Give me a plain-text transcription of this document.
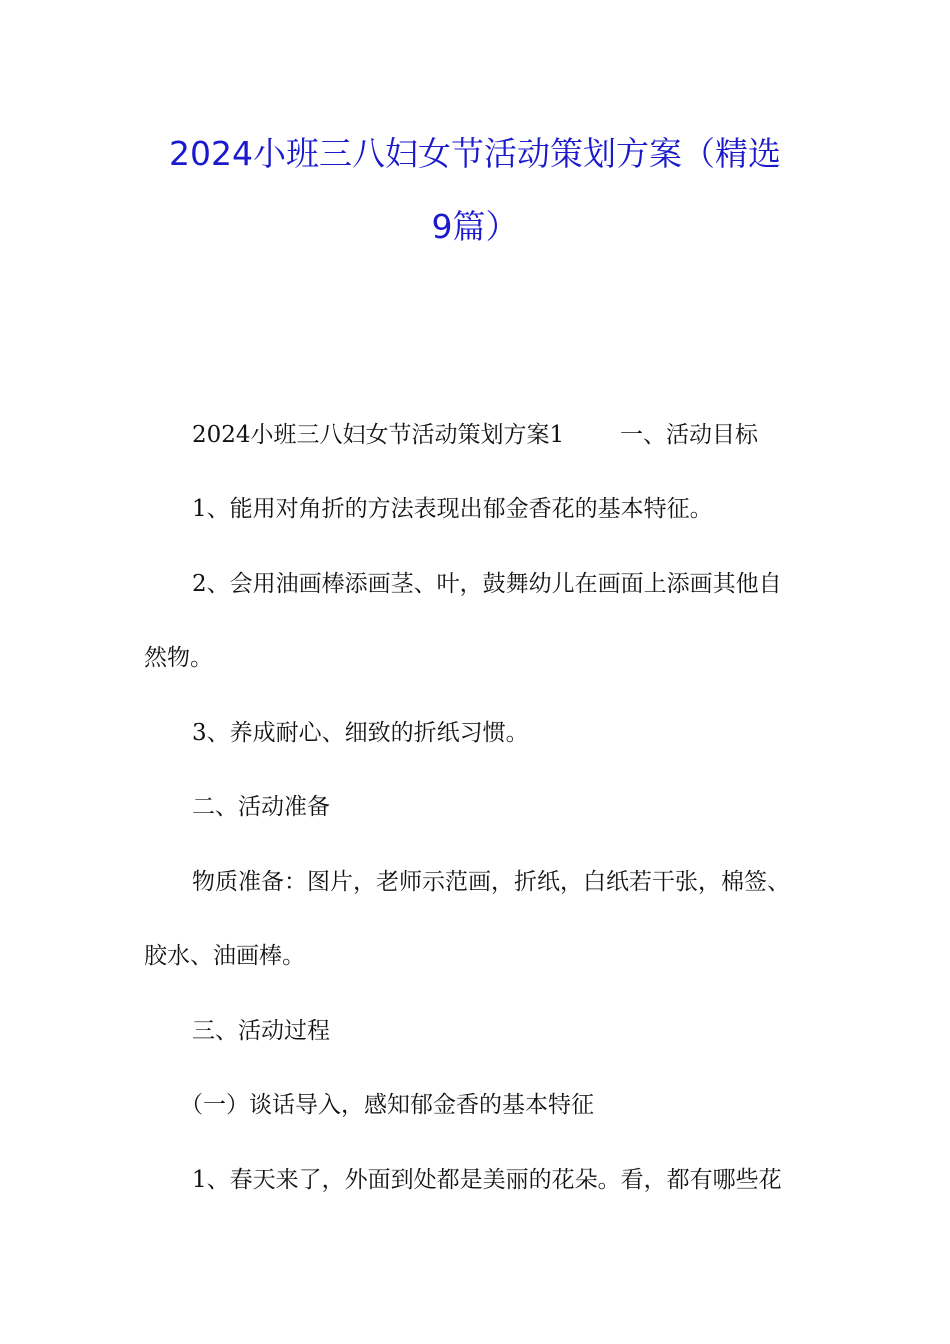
2024小班三八妇女节活动策划方案（精选
9篇）
2024小班三八妇女节活动策划方案1 一、活动目标
1、能用对角折的方法表现出郁金香花的基本特征。
2、会用油画棒添画茎、叶，鼓舞幼儿在画面上添画其他自
然物。
3、养成耐心、细致的折纸习惯。
二、活动准备
物质准备：图片，老师示范画，折纸，白纸若干张，棉签、
胶水、油画棒。
三、活动过程
（一）谈话导入，感知郁金香的基本特征
1、春天来了，外面到处都是美丽的花朵。看，都有哪些花
